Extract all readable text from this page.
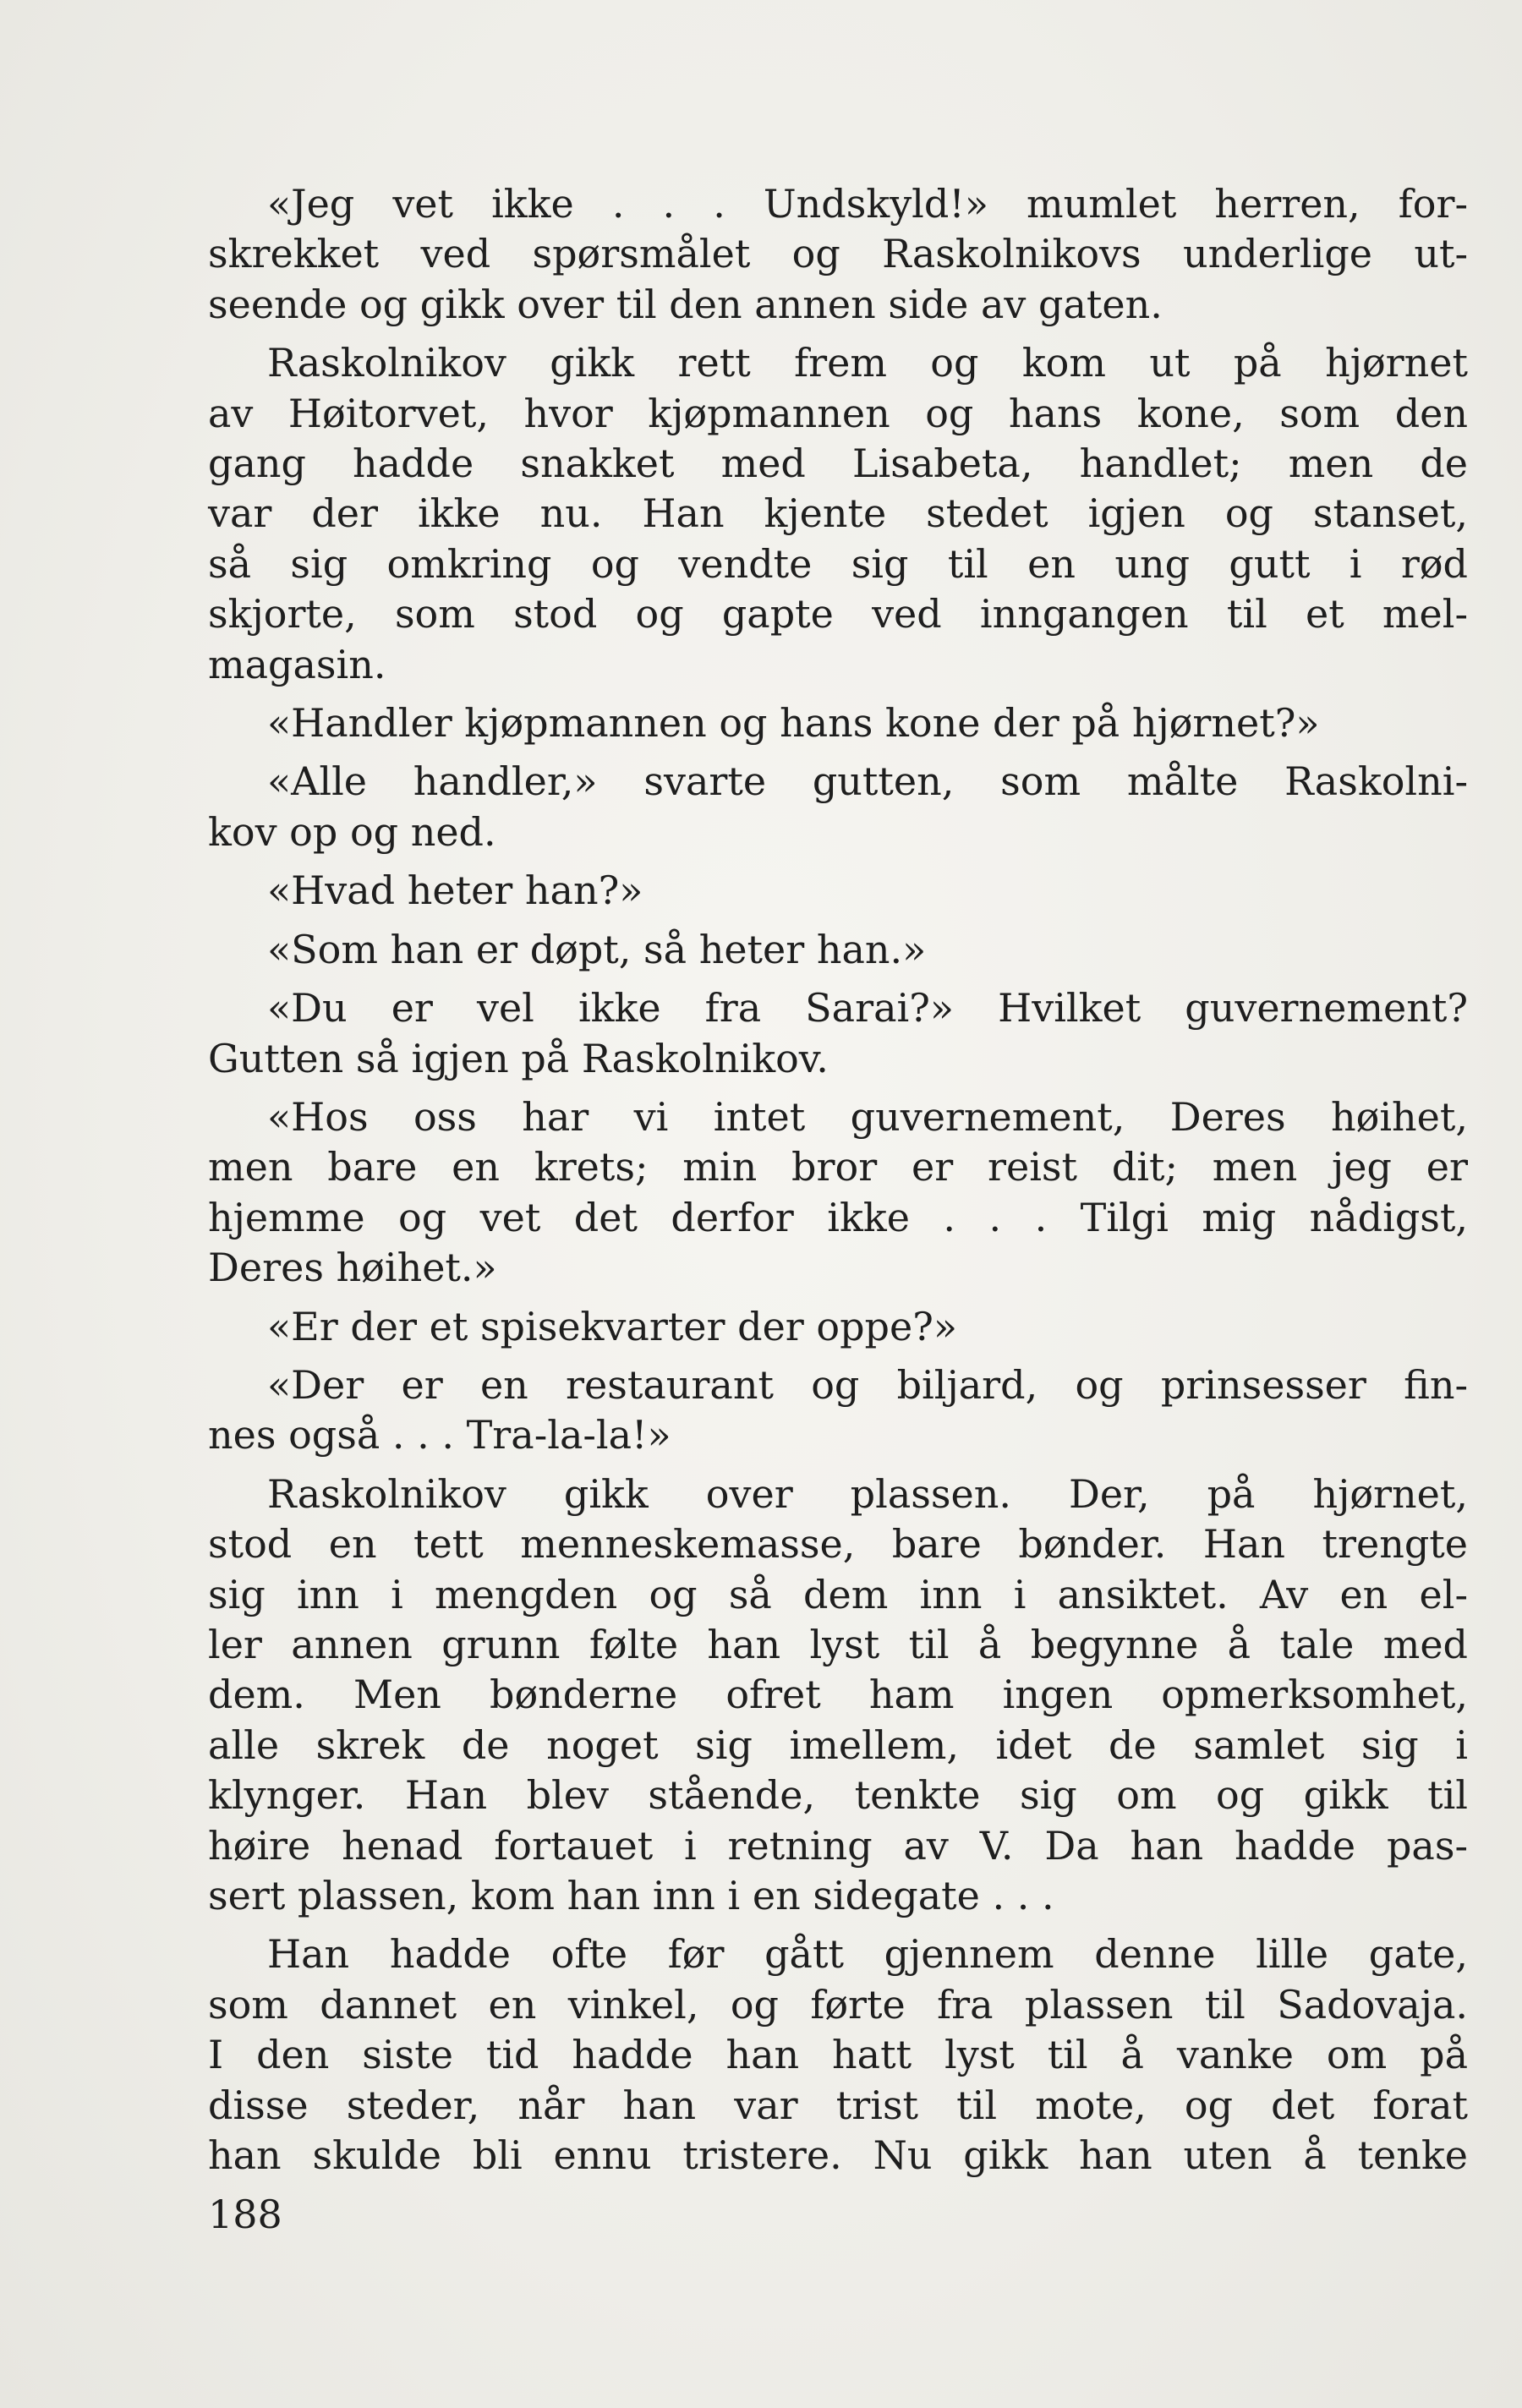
«Jeg vet ikke . . . Undskyld!» mumlet herren, for-
skrekket ved spørsmålet og Raskolnikovs underlige ut-
seende og gikk over til den annen side av gaten.
Raskolnikov gikk rett frem og kom ut på hjørnet
av Høitorvet, hvor kjøpmannen og hans kone, som den
gang hadde snakket med Lisabeta, handlet; men de
var der ikke nu. Han kjente stedet igjen og stanset,
så sig omkring og vendte sig til en ung gutt i rød
skjorte, som stod og gapte ved inngangen til et mel-
magasin.
«Handler kjøpmannen og hans kone der på hjørnet?»
«Alle handler,» svarte gutten, som målte Raskolni-
kov op og ned.
«Hvad heter han?»
«Som han er døpt, så heter han.»
«Du er vel ikke fra Sarai?» Hvilket guvernement?
Gutten så igjen på Raskolnikov.
«Hos oss har vi intet guvernement, Deres høihet,
men bare en krets; min bror er reist dit; men jeg er
hjemme og vet det derfor ikke . . . Tilgi mig nådigst,
Deres høihet.»
«Er der et spisekvarter der oppe?»
«Der er en restaurant og biljard, og prinsesser fin-
nes også . . . Tra-la-la!»
Raskolnikov gikk over plassen. Der, på hjørnet,
stod en tett menneskemasse, bare bønder. Han trengte
sig inn i mengden og så dem inn i ansiktet. Av en el-
ler annen grunn følte han lyst til å begynne å tale med
dem. Men bønderne ofret ham ingen opmerksomhet,
alle skrek de noget sig imellem, idet de samlet sig i
klynger. Han blev stående, tenkte sig om og gikk til
høire henad fortauet i retning av V. Da han hadde pas-
sert plassen, kom han inn i en sidegate . . .
Han hadde ofte før gått gjennem denne lille gate,
som dannet en vinkel, og førte fra plassen til Sadovaja.
I den siste tid hadde han hatt lyst til å vanke om på
disse steder, når han var trist til mote, og det forat
han skulde bli ennu tristere. Nu gikk han uten å tenke
188
